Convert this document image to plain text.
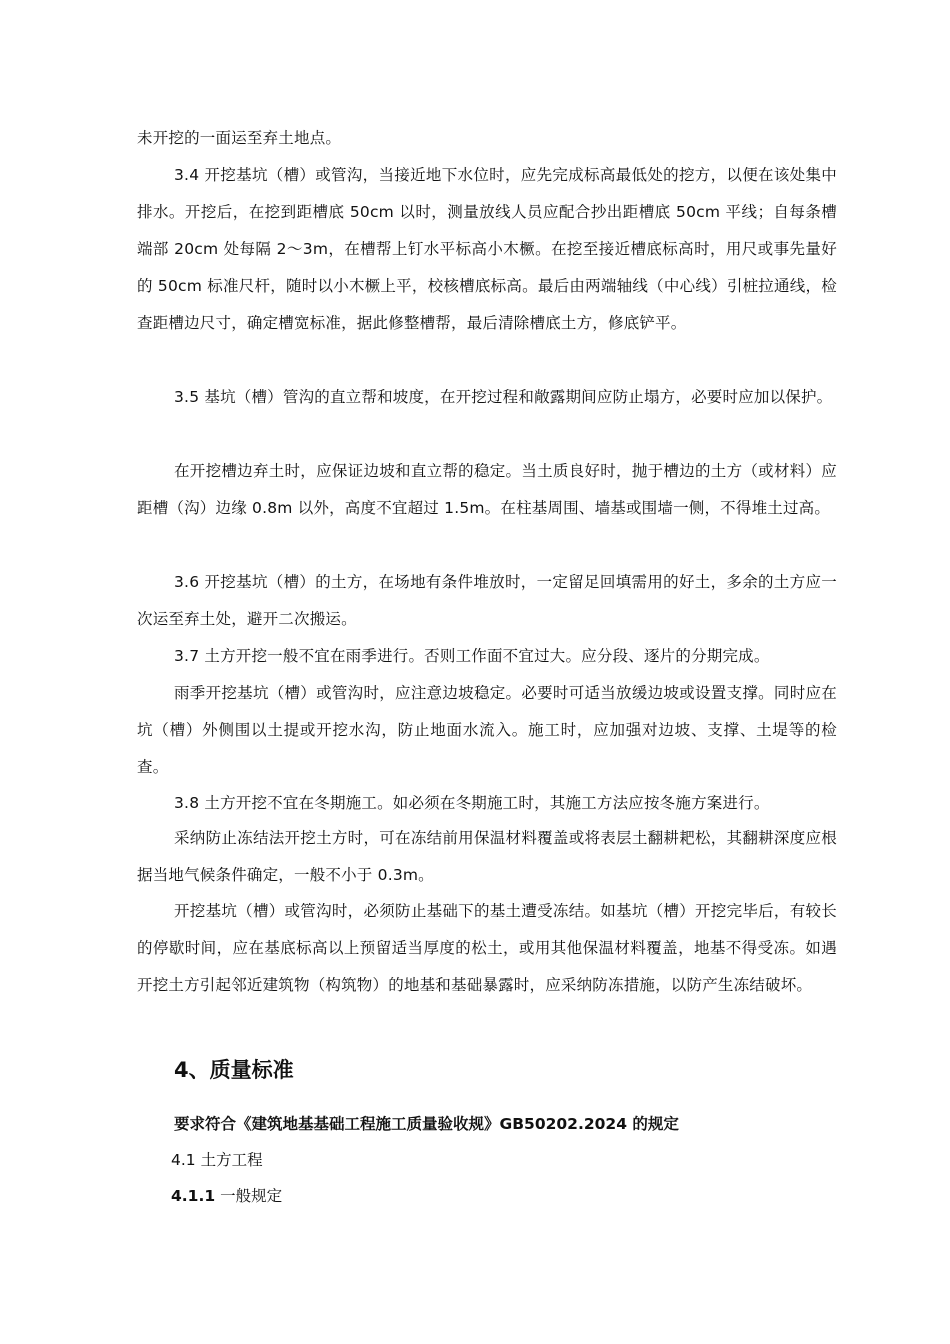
未开挖的一面运至弃土地点。

3.4 开挖基坑（槽）或管沟，当接近地下水位时，应先完成标高最低处的挖方，以便在该处集中排水。开挖后，在挖到距槽底 50cm 以时，测量放线人员应配合抄出距槽底 50cm 平线；自每条槽端部 20cm 处每隔 2～3m，在槽帮上钉水平标高小木橛。在挖至接近槽底标高时，用尺或事先量好的 50cm 标准尺杆，随时以小木橛上平，校核槽底标高。最后由两端轴线（中心线）引桩拉通线，检查距槽边尺寸，确定槽宽标准，据此修整槽帮，最后清除槽底土方，修底铲平。

3.5 基坑（槽）管沟的直立帮和坡度，在开挖过程和敞露期间应防止塌方，必要时应加以保护。

在开挖槽边弃土时，应保证边坡和直立帮的稳定。当土质良好时，抛于槽边的土方（或材料）应距槽（沟）边缘 0.8m 以外，高度不宜超过 1.5m。在柱基周围、墙基或围墙一侧，不得堆土过高。

3.6 开挖基坑（槽）的土方，在场地有条件堆放时，一定留足回填需用的好土，多余的土方应一次运至弃土处，避开二次搬运。

3.7 土方开挖一般不宜在雨季进行。否则工作面不宜过大。应分段、逐片的分期完成。

雨季开挖基坑（槽）或管沟时，应注意边坡稳定。必要时可适当放缓边坡或设置支撑。同时应在坑（槽）外侧围以土提或开挖水沟，防止地面水流入。施工时，应加强对边坡、支撑、土堤等的检查。

3.8 土方开挖不宜在冬期施工。如必须在冬期施工时，其施工方法应按冬施方案进行。

采纳防止冻结法开挖土方时，可在冻结前用保温材料覆盖或将表层土翻耕耙松，其翻耕深度应根据当地气候条件确定，一般不小于 0.3m。

开挖基坑（槽）或管沟时，必须防止基础下的基土遭受冻结。如基坑（槽）开挖完毕后，有较长的停歇时间，应在基底标高以上预留适当厚度的松土，或用其他保温材料覆盖，地基不得受冻。如遇开挖土方引起邻近建筑物（构筑物）的地基和基础暴露时，应采纳防冻措施，以防产生冻结破坏。

4、质量标准

要求符合《建筑地基基础工程施工质量验收规》GB50202.2024 的规定

4.1 土方工程

4.1.1 一般规定
